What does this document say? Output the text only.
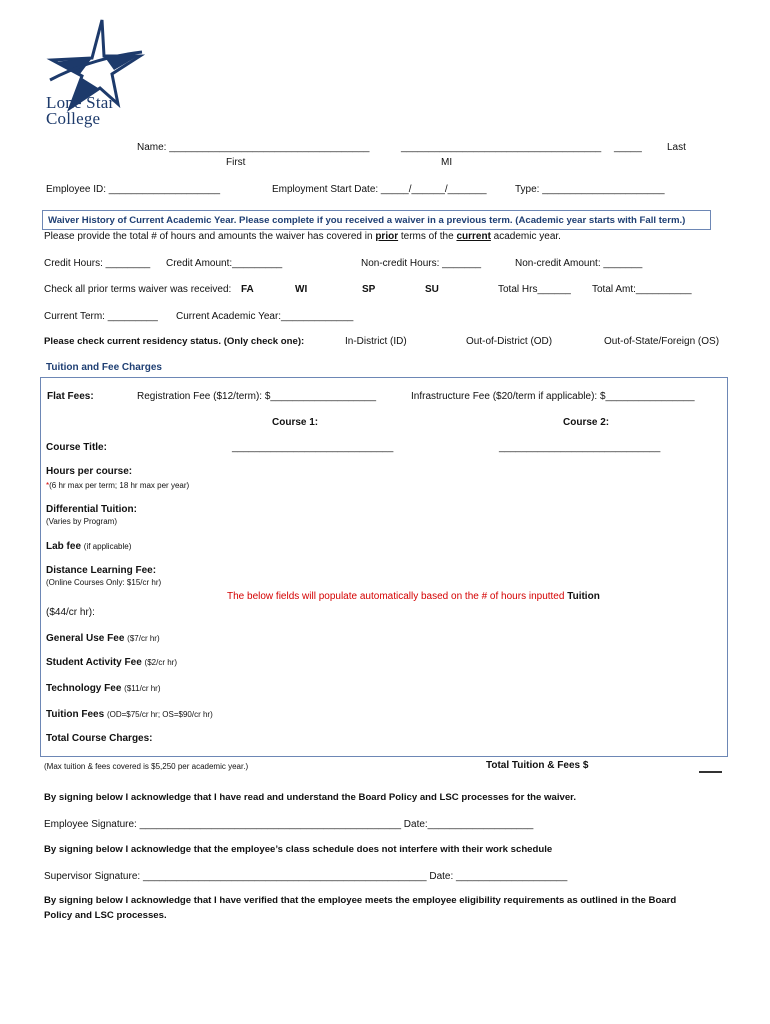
Lone Star
College
Name: ____________________________________	____________________________________ _____	Last
First	MI
Employee ID: ____________________	Employment Start Date: _____/______/_______	Type: ______________________
Waiver History of Current Academic Year. Please complete if you received a waiver in a previous term. (Academic year starts with Fall term.)
Please provide the total # of hours and amounts the waiver has covered in prior terms of the current academic year.
Credit Hours: ________ Credit Amount:_________	Non-credit Hours: _______	Non-credit Amount: _______
Check all prior terms waiver was received: FA	WI	SP	SU	Total Hrs______ Total Amt:__________
Current Term: _________ Current Academic Year:_____________
Please check current residency status. (Only check one):	In-District (ID)	Out-of-District (OD)	Out-of-State/Foreign (OS)
Tuition and Fee Charges
Flat Fees:	Registration Fee ($12/term): $___________________	Infrastructure Fee ($20/term if applicable): $________________
Course 1:	Course 2:
Course Title:	_____________________________	_____________________________
Hours per course:
*(6 hr max per term; 18 hr max per year)
Differential Tuition:
(Varies by Program)
Lab fee (if applicable)
Distance Learning Fee:
(Online Courses Only: $15/cr hr)
The below fields will populate automatically based on the # of hours inputted Tuition
($44/cr hr):
General Use Fee ($7/cr hr)
Student Activity Fee ($2/cr hr)
Technology Fee ($11/cr hr)
Tuition Fees (OD=$75/cr hr; OS=$90/cr hr)
Total Course Charges:
(Max tuition & fees covered is $5,250 per academic year.)	Total Tuition & Fees $
By signing below I acknowledge that I have read and understand the Board Policy and LSC processes for the waiver.
Employee Signature: _______________________________________________ Date:___________________
By signing below I acknowledge that the employee’s class schedule does not interfere with their work schedule
Supervisor Signature: ___________________________________________________ Date: ____________________
By signing below I acknowledge that I have verified that the employee meets the employee eligibility requirements as outlined in the Board
Policy and LSC processes.
